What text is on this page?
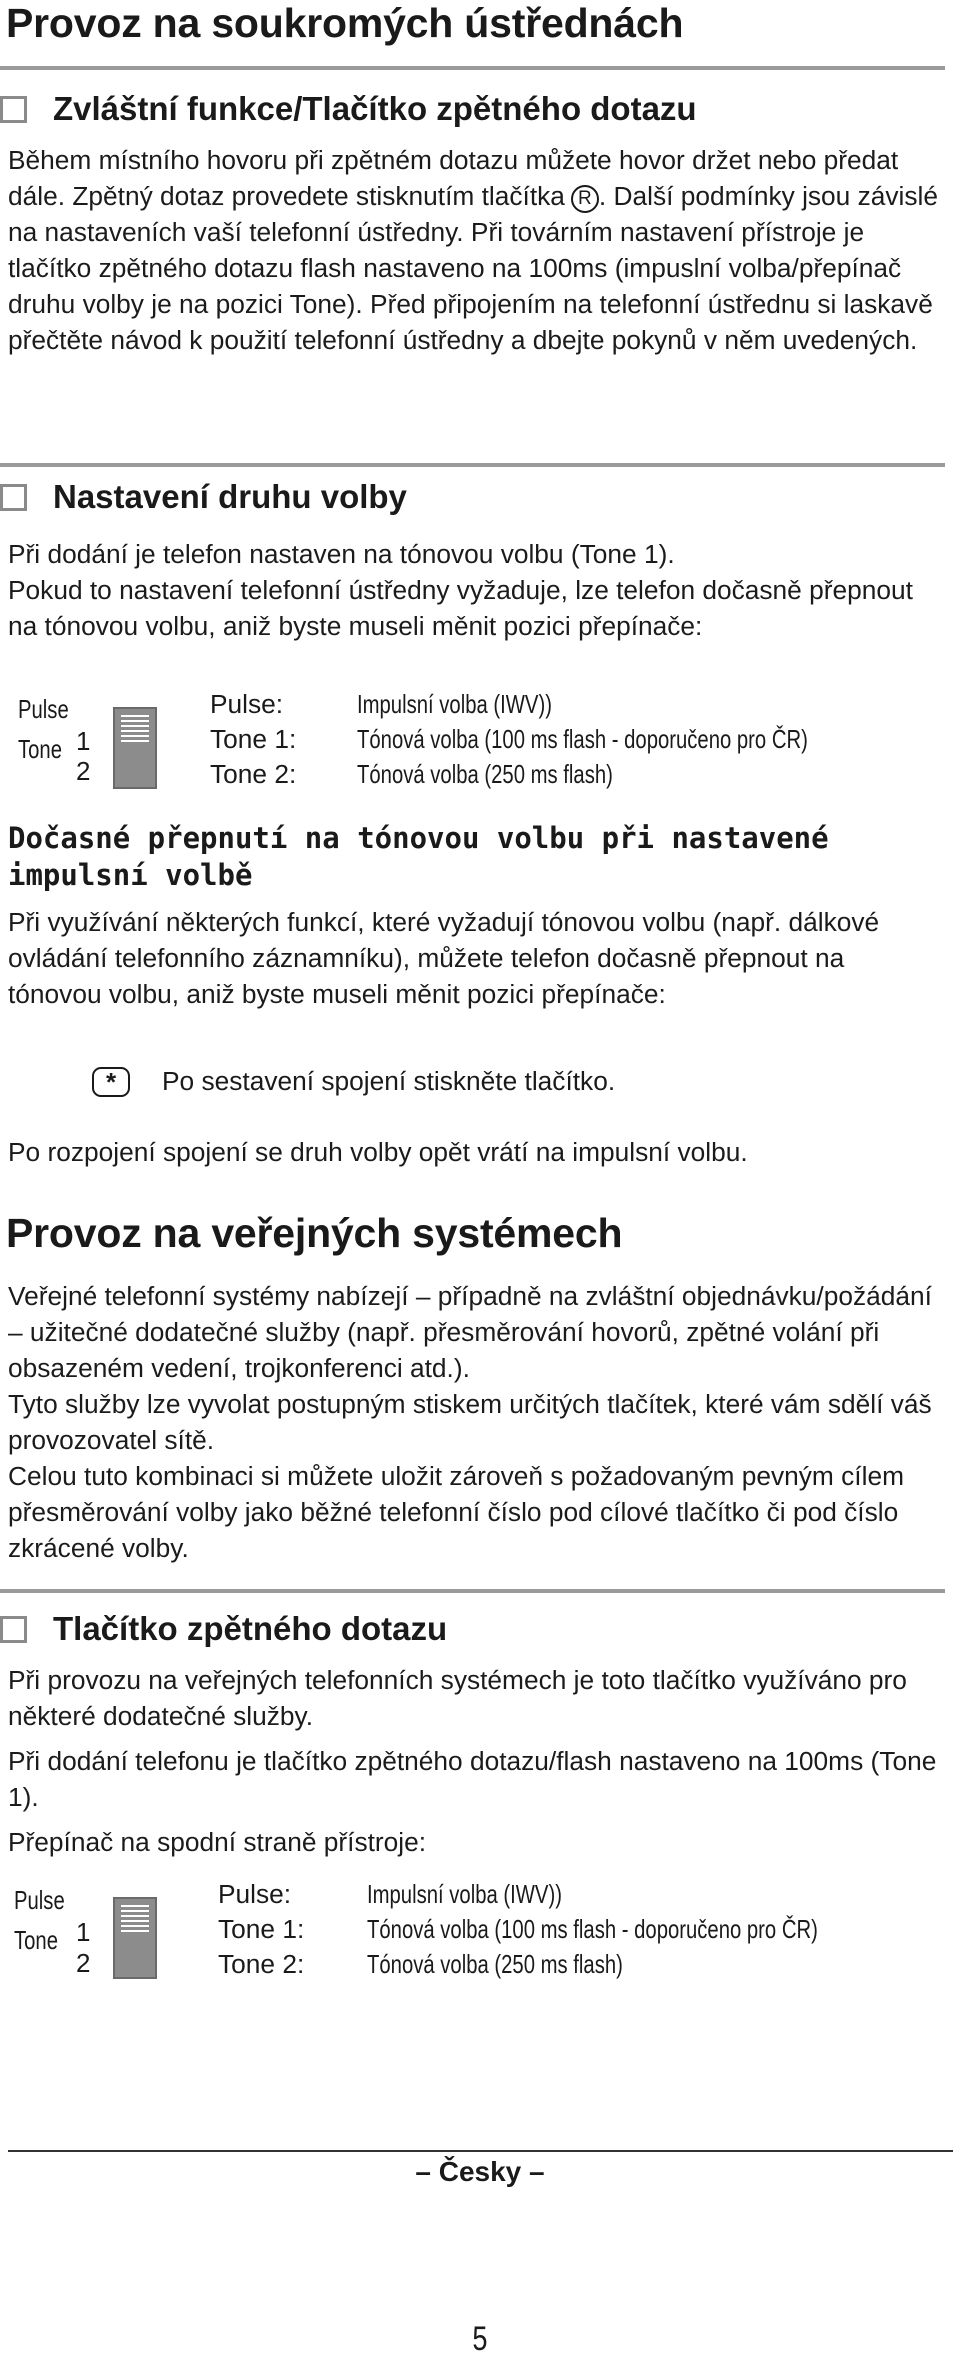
Provoz na soukromých ústřednách
Zvláštní funkce/Tlačítko zpětného dotazu

Během místního hovoru při zpětném dotazu můžete hovor držet nebo předat dále. Zpětný dotaz provedete stisknutím tlačítka R . Další podmínky jsou závislé na nastaveních vaší telefonní ústředny. Při továrním nastavení přístroje je tlačítko zpětného dotazu flash nastaveno na 100ms (impuslní volba/přepínač druhu volby je na pozici Tone). Před připojením na telefonní ústřednu si laskavě přečtěte návod k použití telefonní ústředny a dbejte pokynů v něm uvedených.

Nastavení druhu volby

Při dodání je telefon nastaven na tónovou volbu (Tone 1).

Pokud to nastavení telefonní ústředny vyžaduje, lze telefon dočasně přepnout na tónovou volbu, aniž byste museli měnit pozici přepínače:

Pulse
Tone 1
2
Pulse:	Impulsní volba (IWV))
Tone 1: Tónová volba (100 ms flash - doporučeno pro ČR)
Tone 2: Tónová volba (250 ms flash)
Dočasné přepnutí na tónovou volbu při nastavené impulsní volbě

Při využívání některých funkcí, které vyžadují tónovou volbu (např. dálkové ovládání telefonního záznamníku), můžete telefon dočasně přepnout na tónovou volbu, aniž byste museli měnit pozici přepínače:

*	Po sestavení spojení stiskněte tlačítko.

Po rozpojení spojení se druh volby opět vrátí na impulsní volbu.

Provoz na veřejných systémech

Veřejné telefonní systémy nabízejí – případně na zvláštní objednávku/požádání – užitečné dodatečné služby (např. přesměrování hovorů, zpětné volání při obsazeném vedení, trojkonferenci atd.).

Tyto služby lze vyvolat postupným stiskem určitých tlačítek, které vám sdělí váš provozovatel sítě.

Celou tuto kombinaci si můžete uložit zároveň s požadovaným pevným cílem přesměrování volby jako běžné telefonní číslo pod cílové tlačítko či pod číslo zkrácené volby.

Tlačítko zpětného dotazu

Při provozu na veřejných telefonních systémech je toto tlačítko využíváno pro některé dodatečné služby.

Při dodání telefonu je tlačítko zpětného dotazu/flash nastaveno na 100ms (Tone 1).

Přepínač na spodní straně přístroje:

Pulse
Tone 1
2
Pulse:	Impulsní volba (IWV))
Tone 1: Tónová volba (100 ms flash - doporučeno pro ČR)
Tone 2: Tónová volba (250 ms flash)
– Česky –
5
